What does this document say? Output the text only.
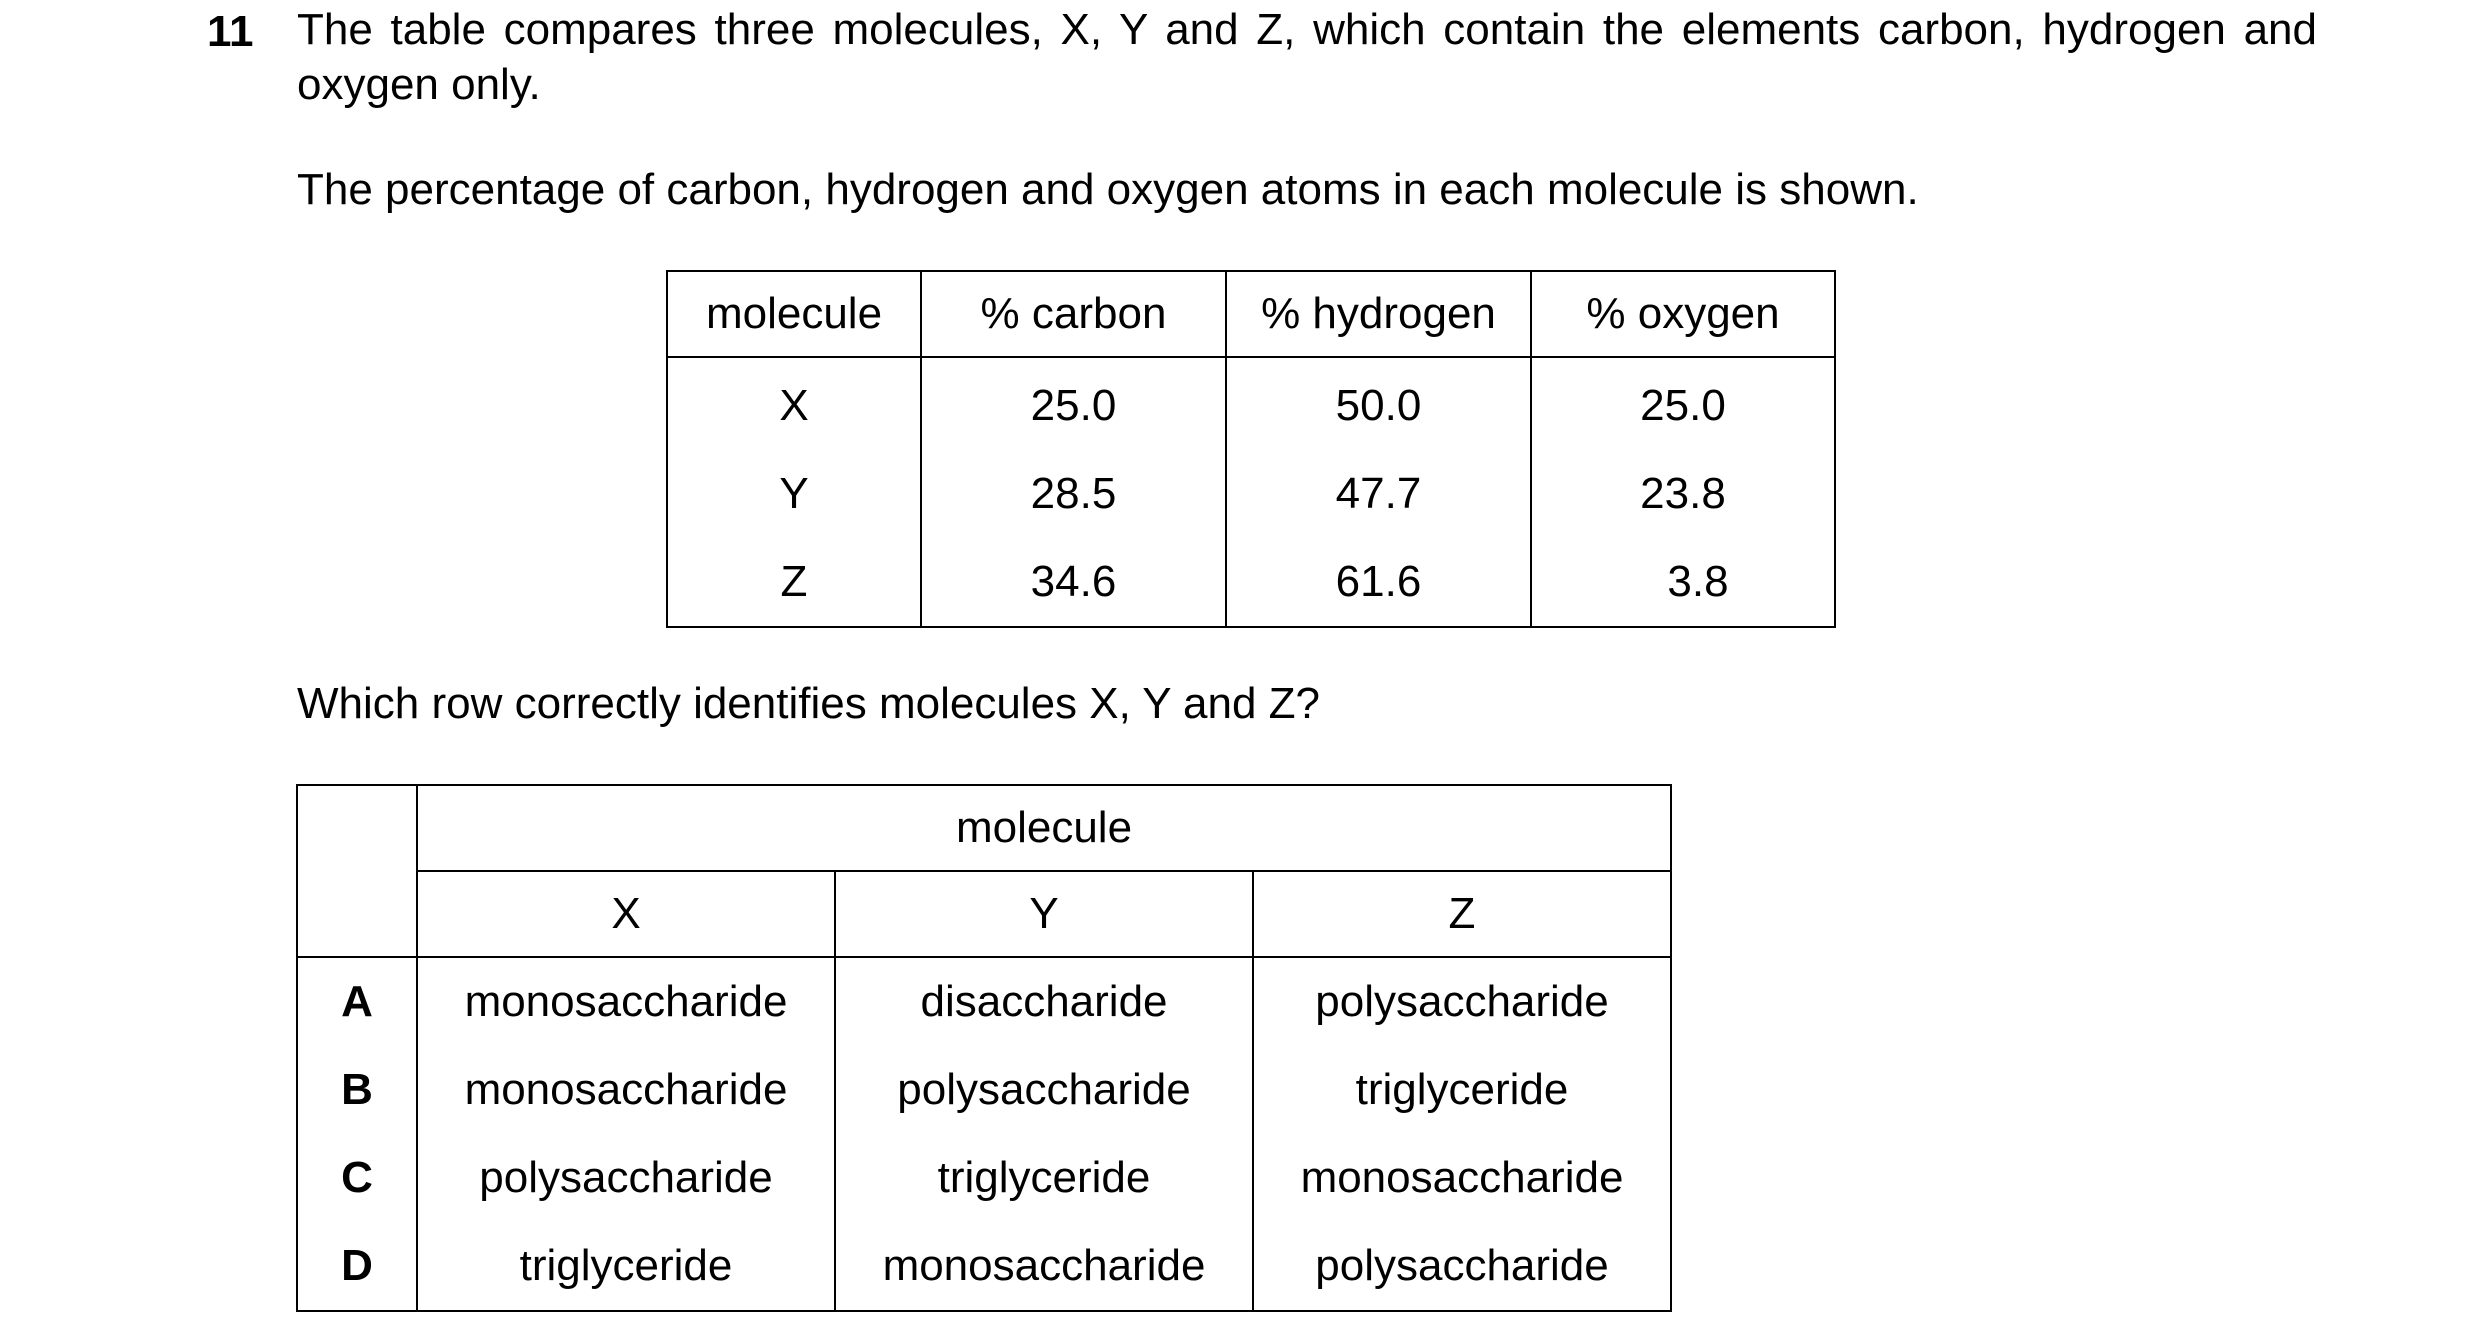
11 The table compares three molecules, X, Y and Z, which contain the elements carbon, hydrogen and oxygen only.
The percentage of carbon, hydrogen and oxygen atoms in each molecule is shown.
molecule	% carbon	% hydrogen	% oxygen
X	25.0	50.0	25.0
Y	28.5	47.7	23.8
Z	34.6	61.6	3.8
Which row correctly identifies molecules X, Y and Z?
	molecule		
	X	Y	Z
A	monosaccharide	disaccharide	polysaccharide
B	monosaccharide	polysaccharide	triglyceride
C	polysaccharide	triglyceride	monosaccharide
D	triglyceride	monosaccharide	polysaccharide
